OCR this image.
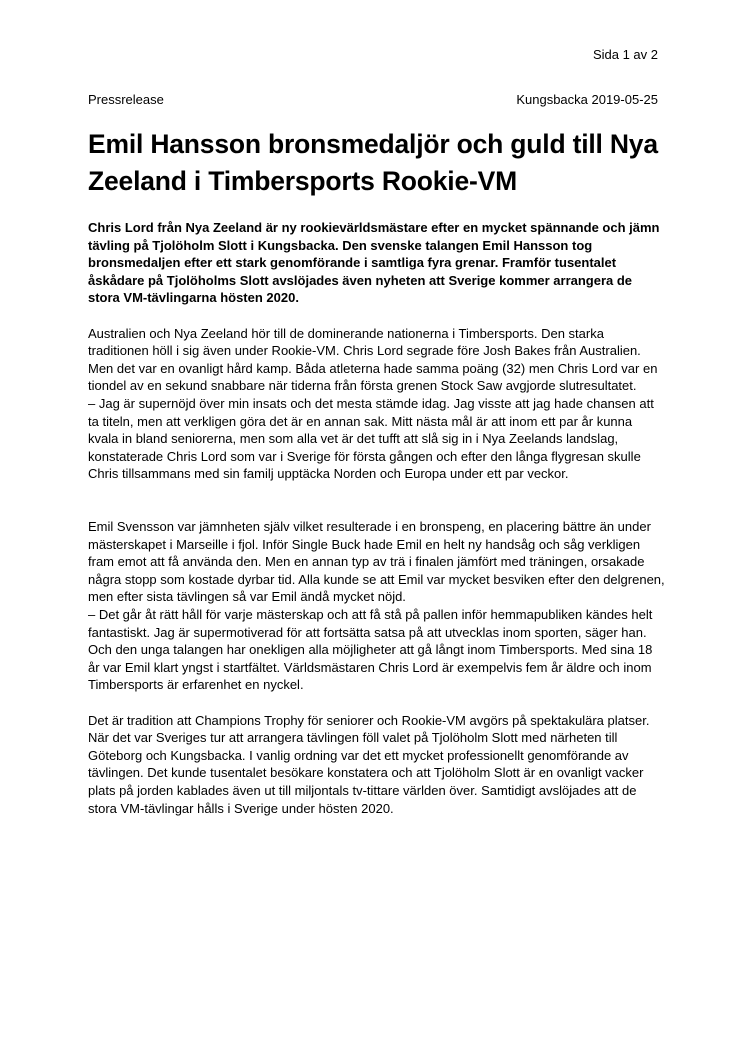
Sida 1 av 2
Pressrelease	Kungsbacka 2019-05-25
Emil Hansson bronsmedaljör och guld till Nya Zeeland i Timbersports Rookie-VM

Chris Lord från Nya Zeeland är ny rookievärldsmästare efter en mycket spännande och jämn tävling på Tjolöholm Slott i Kungsbacka. Den svenske talangen Emil Hansson tog bronsmedaljen efter ett stark genomförande i samtliga fyra grenar. Framför tusentalet åskådare på Tjolöholms Slott avslöjades även nyheten att Sverige kommer arrangera de stora VM-tävlingarna hösten 2020.

Australien och Nya Zeeland hör till de dominerande nationerna i Timbersports. Den starka traditionen höll i sig även under Rookie-VM. Chris Lord segrade före Josh Bakes från Australien. Men det var en ovanligt hård kamp. Båda atleterna hade samma poäng (32) men Chris Lord var en tiondel av en sekund snabbare när tiderna från första grenen Stock Saw avgjorde slutresultatet.

– Jag är supernöjd över min insats och det mesta stämde idag. Jag visste att jag hade chansen att ta titeln, men att verkligen göra det är en annan sak. Mitt nästa mål är att inom ett par år kunna kvala in bland seniorerna, men som alla vet är det tufft att slå sig in i Nya Zeelands landslag, konstaterade Chris Lord som var i Sverige för första gången och efter den långa flygresan skulle Chris tillsammans med sin familj upptäcka Norden och Europa under ett par veckor.

Emil Svensson var jämnheten själv vilket resulterade i en bronspeng, en placering bättre än under mästerskapet i Marseille i fjol. Inför Single Buck hade Emil en helt ny handsåg och såg verkligen fram emot att få använda den. Men en annan typ av trä i finalen jämfört med träningen, orsakade några stopp som kostade dyrbar tid. Alla kunde se att Emil var mycket besviken efter den delgrenen, men efter sista tävlingen så var Emil ändå mycket nöjd.

– Det går åt rätt håll för varje mästerskap och att få stå på pallen inför hemmapubliken kändes helt fantastiskt. Jag är supermotiverad för att fortsätta satsa på att utvecklas inom sporten, säger han.

Och den unga talangen har onekligen alla möjligheter att gå långt inom Timbersports. Med sina 18 år var Emil klart yngst i startfältet. Världsmästaren Chris Lord är exempelvis fem år äldre och inom Timbersports är erfarenhet en nyckel.

Det är tradition att Champions Trophy för seniorer och Rookie-VM avgörs på spektakulära platser. När det var Sveriges tur att arrangera tävlingen föll valet på Tjolöholm Slott med närheten till Göteborg och Kungsbacka. I vanlig ordning var det ett mycket professionellt genomförande av tävlingen. Det kunde tusentalet besökare konstatera och att Tjolöholm Slott är en ovanligt vacker plats på jorden kablades även ut till miljontals tv-tittare världen över. Samtidigt avslöjades att de stora VM-tävlingar hålls i Sverige under hösten 2020.
